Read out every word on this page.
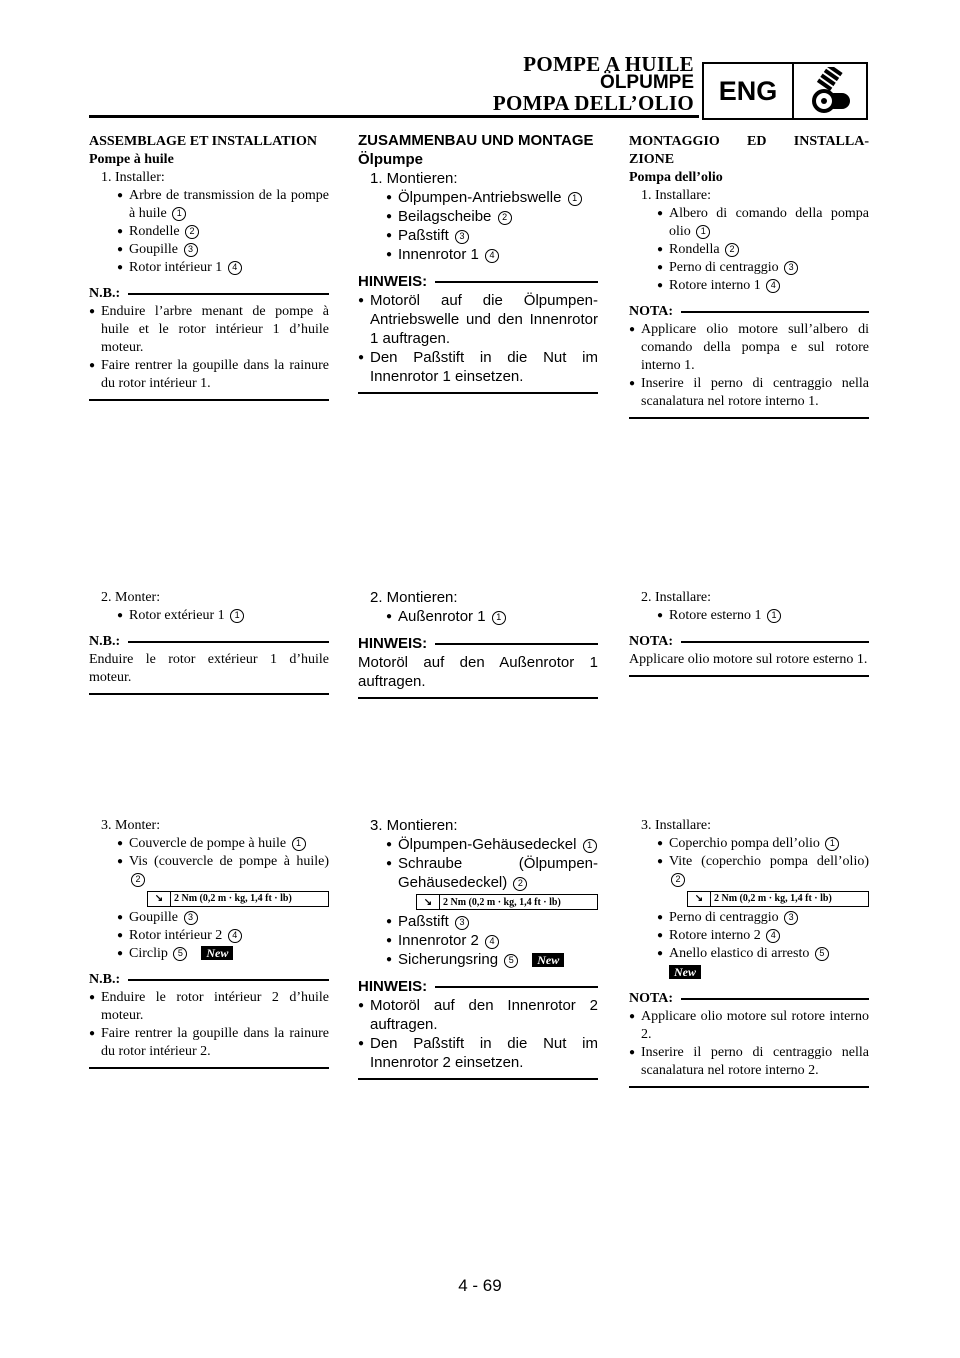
POMPE A HUILE
ÖLPUMPE
POMPA DELL’OLIO ENG
ASSEMBLAGE ET INSTALLATION
Pompe à huile
1. Installer:
● Arbre de transmission de la pompe à huile 1
● Rondelle 2
● Goupille 3
● Rotor intérieur 1 4
N.B.:
● Enduire l’arbre menant de pompe à huile et le rotor intérieur 1 d’huile moteur.
● Faire rentrer la goupille dans la rainure du rotor intérieur 1.
2. Monter:
● Rotor extérieur 1 1
N.B.:
Enduire le rotor extérieur 1 d’huile moteur.
3. Monter:
● Couvercle de pompe à huile 1
● Vis (couvercle de pompe à huile) 2
↘	2 Nm (0,2 m · kg, 1,4 ft · lb)
● Goupille 3
● Rotor intérieur 2 4
● Circlip 5 New
N.B.:
● Enduire le rotor intérieur 2 d’huile moteur.
● Faire rentrer la goupille dans la rainure du rotor intérieur 2.
ZUSAMMENBAU UND MONTAGE
Ölpumpe
1. Montieren:
● Ölpumpen-Antriebswelle 1
● Beilagscheibe 2
● Paßstift 3
● Innenrotor 1 4
HINWEIS:
● Motoröl auf die Ölpumpen-Antriebswelle und den Innenrotor 1 auftragen.
● Den Paßstift in die Nut im Innenrotor 1 einsetzen.
2. Montieren:
● Außenrotor 1 1
HINWEIS:
Motoröl auf den Außenrotor 1 auftragen.
3. Montieren:
● Ölpumpen-Gehäusedeckel 1
● Schraube (Ölpumpen-Gehäusedeckel) 2
↘	2 Nm (0,2 m · kg, 1,4 ft · lb)
● Paßstift 3
● Innenrotor 2 4
● Sicherungsring 5 New
HINWEIS:
● Motoröl auf den Innenrotor 2 auftragen.
● Den Paßstift in die Nut im Innenrotor 2 einsetzen.
MONTAGGIO ED INSTALLA-
ZIONE
Pompa dell’olio
1. Installare:
● Albero di comando della pompa olio 1
● Rondella 2
● Perno di centraggio 3
● Rotore interno 1 4
NOTA:
● Applicare olio motore sull’albero di comando della pompa e sul rotore interno 1.
● Inserire il perno di centraggio nella scanalatura nel rotore interno 1.
2. Installare:
● Rotore esterno 1 1
NOTA:
Applicare olio motore sul rotore esterno 1.
3. Installare:
● Coperchio pompa dell’olio 1
● Vite (coperchio pompa dell’olio) 2
↘	2 Nm (0,2 m · kg, 1,4 ft · lb)
● Perno di centraggio 3
● Rotore interno 2 4
● Anello elastico di arresto 5
New
NOTA:
● Applicare olio motore sul rotore interno 2.
● Inserire il perno di centraggio nella scanalatura nel rotore interno 2.
4 - 69
